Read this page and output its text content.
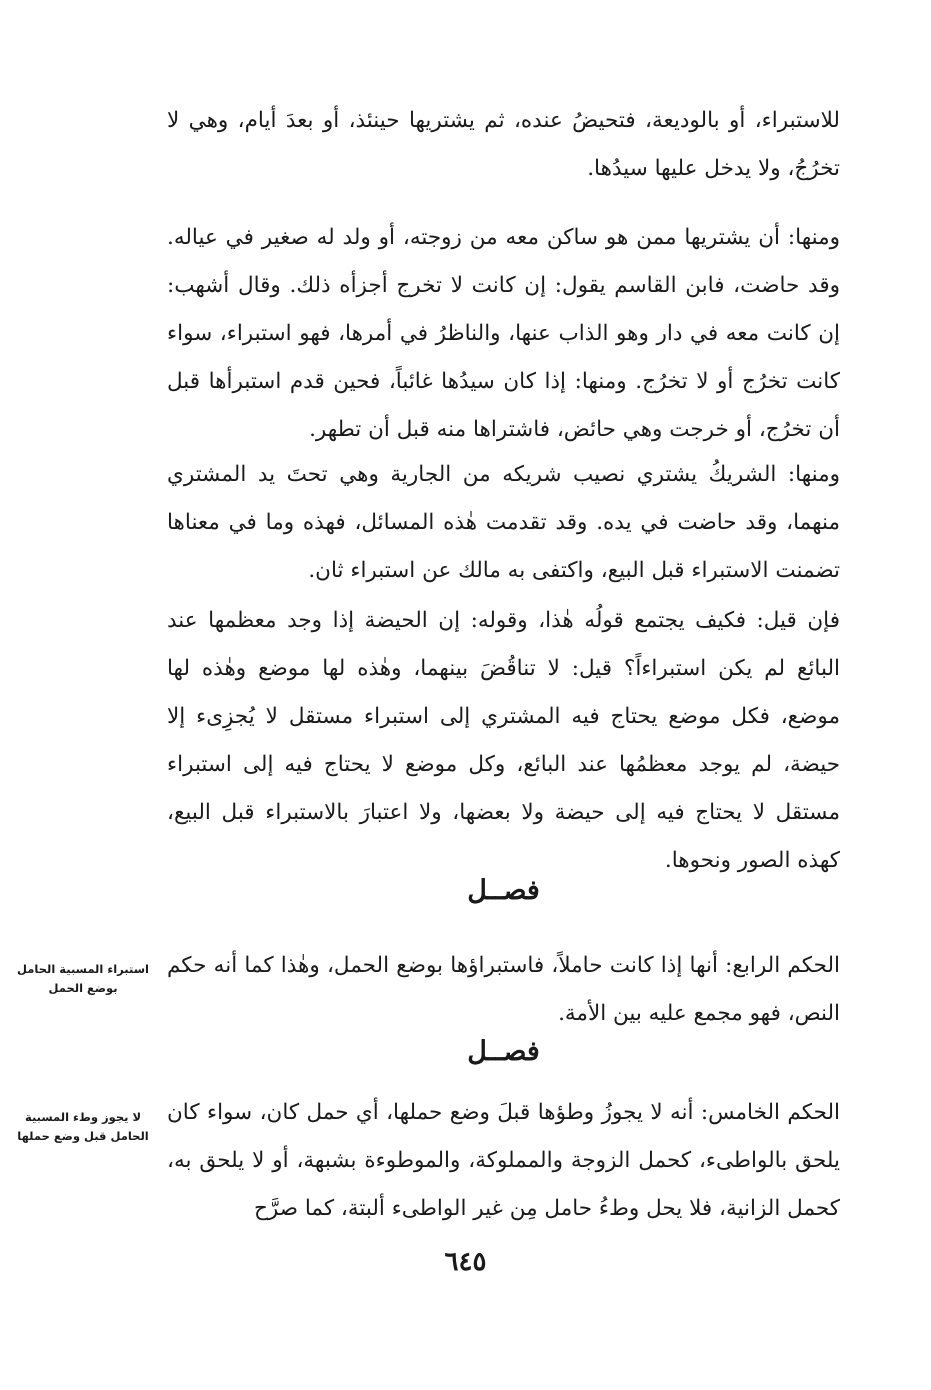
للاستبراء، أو بالوديعة، فتحيضُ عنده، ثم يشتريها حينئذ، أو بعدَ أيام، وهي لا تخرُجُ، ولا يدخل عليها سيدُها.

ومنها: أن يشتريها ممن هو ساكن معه من زوجته، أو ولد له صغير في عياله. وقد حاضت، فابن القاسم يقول: إن كانت لا تخرج أجزأه ذلك. وقال أشهب: إن كانت معه في دار وهو الذاب عنها، والناظرُ في أمرها، فهو استبراء، سواء كانت تخرُج أو لا تخرُج. ومنها: إذا كان سيدُها غائباً، فحين قدم استبرأها قبل أن تخرُج، أو خرجت وهي حائض، فاشتراها منه قبل أن تطهر.

ومنها: الشريكُ يشتري نصيب شريكه من الجارية وهي تحتَ يد المشتري منهما، وقد حاضت في يده. وقد تقدمت هٰذه المسائل، فهذه وما في معناها تضمنت الاستبراء قبل البيع، واكتفى به مالك عن استبراء ثان.

فإن قيل: فكيف يجتمع قولُه هٰذا، وقوله: إن الحيضة إذا وجد معظمها عند البائع لم يكن استبراءاً؟ قيل: لا تناقُضَ بينهما، وهٰذه لها موضع وهٰذه لها موضع، فكل موضع يحتاج فيه المشتري إلى استبراء مستقل لا يُجزِىء إلا حيضة، لم يوجد معظمُها عند البائع، وكل موضع لا يحتاج فيه إلى استبراء مستقل لا يحتاج فيه إلى حيضة ولا بعضها، ولا اعتبارَ بالاستبراء قبل البيع، كهذه الصور ونحوها.

فصــل

استبراء المسبية الحامل بوضع الحمل

الحكم الرابع: أنها إذا كانت حاملاً، فاستبراؤها بوضع الحمل، وهٰذا كما أنه حكم النص، فهو مجمع عليه بين الأمة.

فصــل

لا يجوز وطء المسبية الحامل قبل وضع حملها

الحكم الخامس: أنه لا يجوزُ وطؤها قبلَ وضع حملها، أي حمل كان، سواء كان يلحق بالواطىء، كحمل الزوجة والمملوكة، والموطوءة بشبهة، أو لا يلحق به، كحمل الزانية، فلا يحل وطءُ حامل مِن غير الواطىء ألبتة، كما صرَّح

٦٤٥
